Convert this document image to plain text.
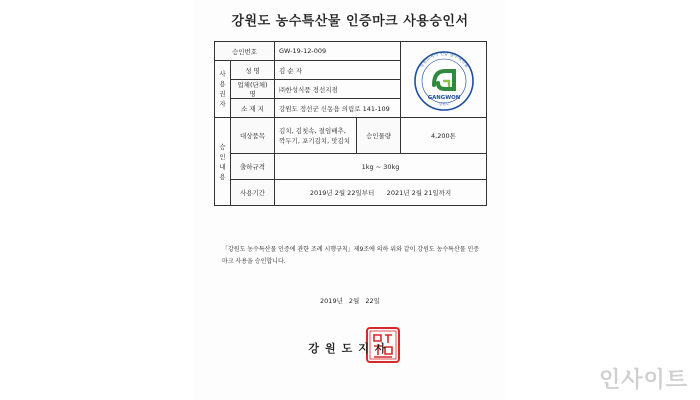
강원도 농수특산물 인증마크 사용승인서
승인번호		GW-19-12-009		강원도지사 인증 농수특산물
GANGWON
강원도

사
용
권
자	성 명	김 순 자		
	업체(단체)명	㈜한성식품 정선지점		
	소 재 지	강원도 정선군 신동읍 의림로 141-109		

승
인
내
용	대상품목	김치, 김칫속, 절임배추, 깍두기, 포기김치, 맛김치	승인물량	4,200톤
	출하규격	1kg ~ 30kg		
	사용기간	2019년 2월 22일부터      2021년 2월 21일까지		
「강원도 농수특산물 인증에 관한 조례 시행규칙」제9조에 의하 위와 같이 강원도 농수특산물 인증마크 사용을 승인합니다.
2019년 2월 22일
강원도지사
인사이트
